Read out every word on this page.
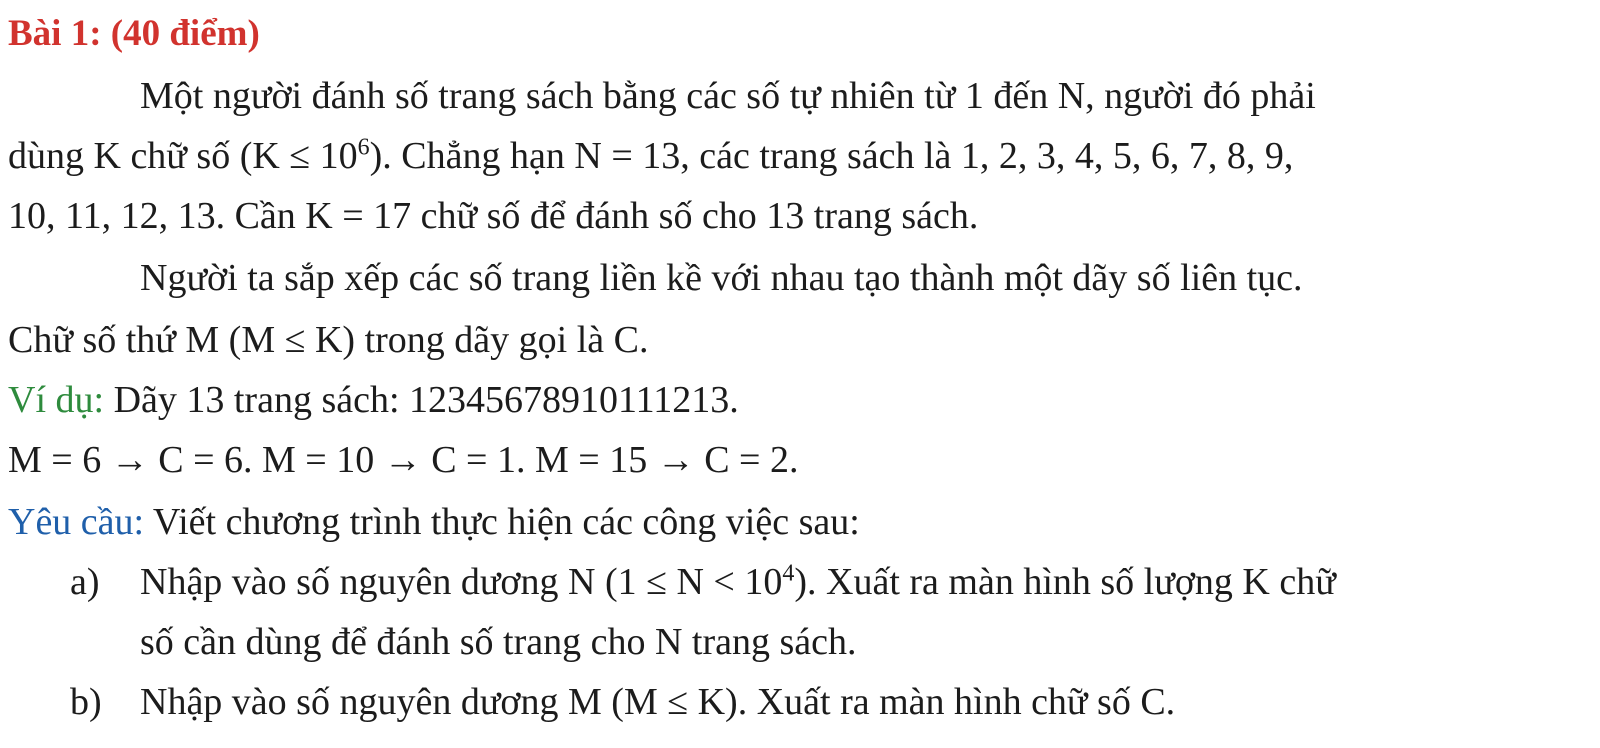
Bài 1: (40 điểm)
Một người đánh số trang sách bằng các số tự nhiên từ 1 đến N, người đó phải
dùng K chữ số $(K \le 10^6)$. Chẳng hạn N = 13, các trang sách là 1, 2, 3, 4, 5, 6, 7, 8, 9,
10, 11, 12, 13. Cần K = 17 chữ số để đánh số cho 13 trang sách.
Người ta sắp xếp các số trang liền kề với nhau tạo thành một dãy số liên tục.
Chữ số thứ M (M ≤ K) trong dãy gọi là C.
Ví dụ: Dãy 13 trang sách: 12345678910111213.
M = 6 → C = 6. M = 10 → C = 1. M = 15 → C = 2.
Yêu cầu: Viết chương trình thực hiện các công việc sau:
a) Nhập vào số nguyên dương N $(1 \le N < 10^4)$. Xuất ra màn hình số lượng K chữ
số cần dùng để đánh số trang cho N trang sách.
b) Nhập vào số nguyên dương M (M ≤ K). Xuất ra màn hình chữ số C.
